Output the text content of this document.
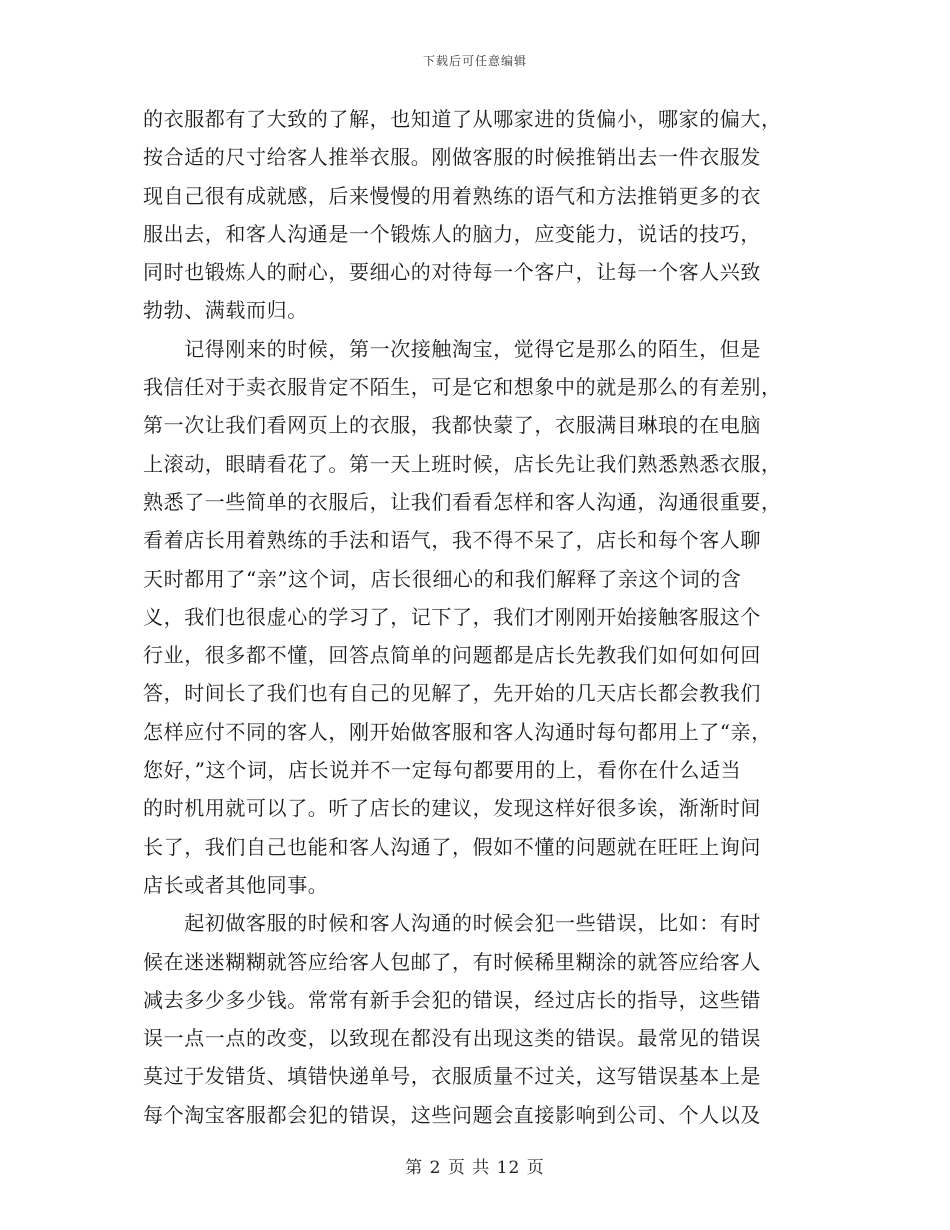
下载后可任意编辑
的衣服都有了大致的了解，也知道了从哪家进的货偏小，哪家的偏大，
按合适的尺寸给客人推举衣服。刚做客服的时候推销出去一件衣服发
现自己很有成就感，后来慢慢的用着熟练的语气和方法推销更多的衣
服出去，和客人沟通是一个锻炼人的脑力，应变能力，说话的技巧，
同时也锻炼人的耐心，要细心的对待每一个客户，让每一个客人兴致
勃勃、满载而归。
　　记得刚来的时候，第一次接触淘宝，觉得它是那么的陌生，但是
我信任对于卖衣服肯定不陌生，可是它和想象中的就是那么的有差别，
第一次让我们看网页上的衣服，我都快蒙了，衣服满目琳琅的在电脑
上滚动，眼睛看花了。第一天上班时候，店长先让我们熟悉熟悉衣服，
熟悉了一些简单的衣服后，让我们看看怎样和客人沟通，沟通很重要，
看着店长用着熟练的手法和语气，我不得不呆了，店长和每个客人聊
天时都用了“亲”这个词，店长很细心的和我们解释了亲这个词的含
义，我们也很虚心的学习了，记下了，我们才刚刚开始接触客服这个
行业，很多都不懂，回答点简单的问题都是店长先教我们如何如何回
答，时间长了我们也有自己的见解了，先开始的几天店长都会教我们
怎样应付不同的客人，刚开始做客服和客人沟通时每句都用上了“亲，
您好，”这个词，店长说并不一定每句都要用的上，看你在什么适当
的时机用就可以了。听了店长的建议，发现这样好很多诶，渐渐时间
长了，我们自己也能和客人沟通了，假如不懂的问题就在旺旺上询问
店长或者其他同事。
　　起初做客服的时候和客人沟通的时候会犯一些错误，比如：有时
候在迷迷糊糊就答应给客人包邮了，有时候稀里糊涂的就答应给客人
减去多少多少钱。常常有新手会犯的错误，经过店长的指导，这些错
误一点一点的改变，以致现在都没有出现这类的错误。最常见的错误
莫过于发错货、填错快递单号，衣服质量不过关，这写错误基本上是
每个淘宝客服都会犯的错误，这些问题会直接影响到公司、个人以及
第 2 页 共 12 页
